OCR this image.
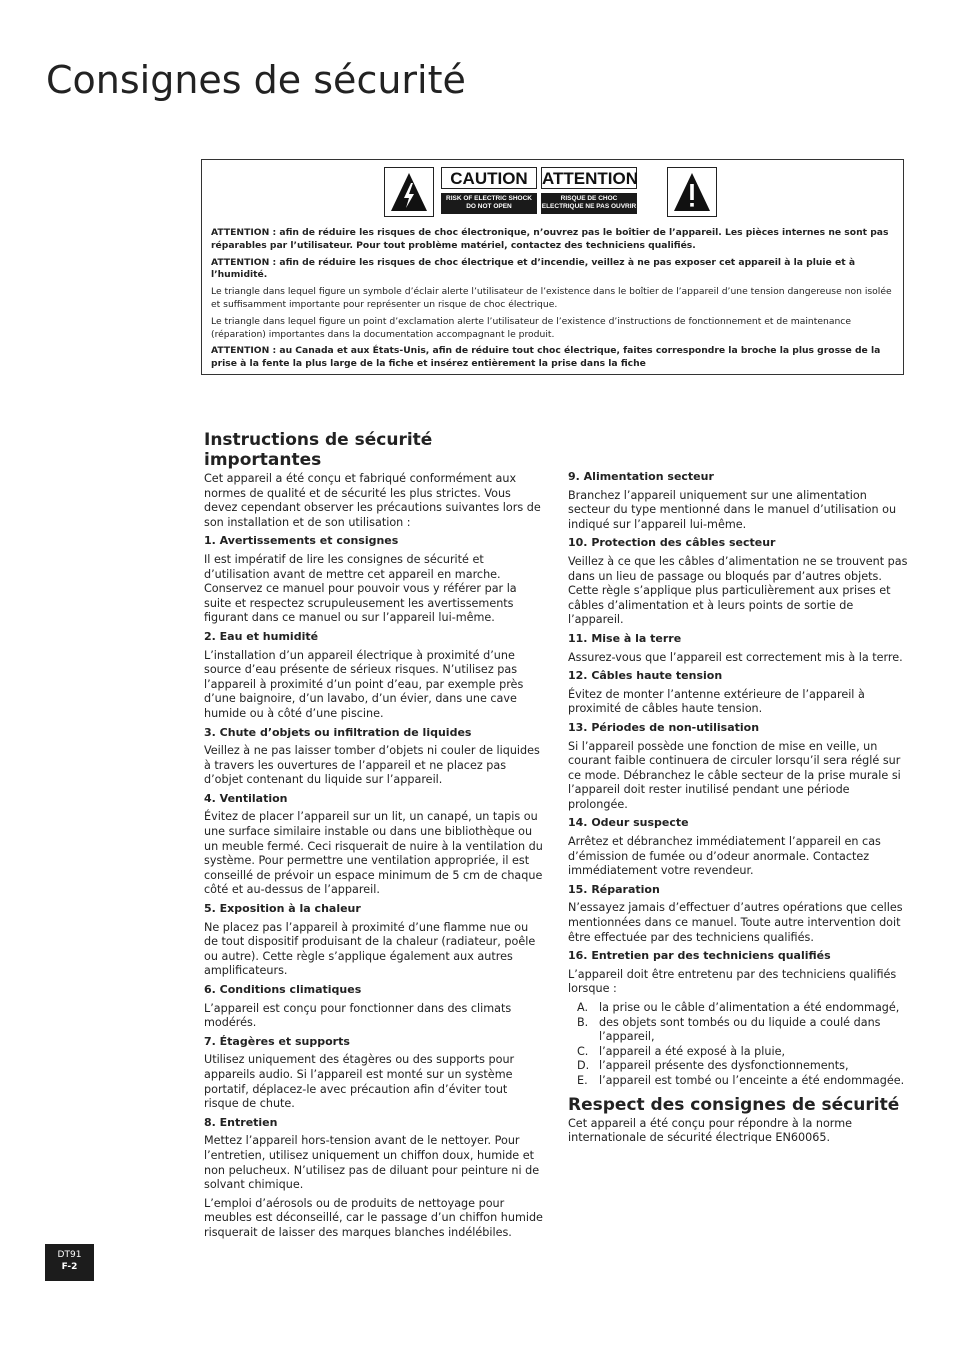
Consignes de sécurité
CAUTION
RISK OF ELECTRIC SHOCK DO NOT OPEN
ATTENTION
RISQUE DE CHOC ELECTRIQUE NE PAS OUVRIR

ATTENTION : afin de réduire les risques de choc électronique, n’ouvrez pas le boîtier de l’appareil. Les pièces internes ne sont pas réparables par l’utilisateur. Pour tout problème matériel, contactez des techniciens qualifiés.

ATTENTION : afin de réduire les risques de choc électrique et d’incendie, veillez à ne pas exposer cet appareil à la pluie et à l’humidité.

Le triangle dans lequel figure un symbole d’éclair alerte l’utilisateur de l’existence dans le boîtier de l’appareil d’une tension dangereuse non isolée et suffisamment importante pour représenter un risque de choc électrique.

Le triangle dans lequel figure un point d’exclamation alerte l’utilisateur de l’existence d’instructions de fonctionnement et de maintenance (réparation) importantes dans la documentation accompagnant le produit.

ATTENTION : au Canada et aux États-Unis, afin de réduire tout choc électrique, faites correspondre la broche la plus grosse de la prise à la fente la plus large de la fiche et insérez entièrement la prise dans la fiche

Instructions de sécurité importantes

Cet appareil a été conçu et fabriqué conformément aux normes de qualité et de sécurité les plus strictes. Vous devez cependant observer les précautions suivantes lors de son installation et de son utilisation :

1. Avertissements et consignes

Il est impératif de lire les consignes de sécurité et d’utilisation avant de mettre cet appareil en marche. Conservez ce manuel pour pouvoir vous y référer par la suite et respectez scrupuleusement les avertissements figurant dans ce manuel ou sur l’appareil lui-même.

2. Eau et humidité

L’installation d’un appareil électrique à proximité d’une source d’eau présente de sérieux risques. N’utilisez pas l’appareil à proximité d’un point d’eau, par exemple près d’une baignoire, d’un lavabo, d’un évier, dans une cave humide ou à côté d’une piscine.

3. Chute d’objets ou infiltration de liquides

Veillez à ne pas laisser tomber d’objets ni couler de liquides à travers les ouvertures de l’appareil et ne placez pas d’objet contenant du liquide sur l’appareil.

4. Ventilation

Évitez de placer l’appareil sur un lit, un canapé, un tapis ou une surface similaire instable ou dans une bibliothèque ou un meuble fermé. Ceci risquerait de nuire à la ventilation du système. Pour permettre une ventilation appropriée, il est conseillé de prévoir un espace minimum de 5 cm de chaque côté et au-dessus de l’appareil.

5. Exposition à la chaleur

Ne placez pas l’appareil à proximité d’une flamme nue ou de tout dispositif produisant de la chaleur (radiateur, poêle ou autre). Cette règle s’applique également aux autres amplificateurs.

6. Conditions climatiques

L’appareil est conçu pour fonctionner dans des climats modérés.

7. Étagères et supports

Utilisez uniquement des étagères ou des supports pour appareils audio. Si l’appareil est monté sur un système portatif, déplacez-le avec précaution afin d’éviter tout risque de chute.

8. Entretien

Mettez l’appareil hors-tension avant de le nettoyer. Pour l’entretien, utilisez uniquement un chiffon doux, humide et non pelucheux. N’utilisez pas de diluant pour peinture ni de solvant chimique.

L’emploi d’aérosols ou de produits de nettoyage pour meubles est déconseillé, car le passage d’un chiffon humide risquerait de laisser des marques blanches indélébiles.

9. Alimentation secteur

Branchez l’appareil uniquement sur une alimentation secteur du type mentionné dans le manuel d’utilisation ou indiqué sur l’appareil lui-même.

10. Protection des câbles secteur

Veillez à ce que les câbles d’alimentation ne se trouvent pas dans un lieu de passage ou bloqués par d’autres objets. Cette règle s’applique plus particulièrement aux prises et câbles d’alimentation et à leurs points de sortie de l’appareil.

11. Mise à la terre

Assurez-vous que l’appareil est correctement mis à la terre.

12. Câbles haute tension

Évitez de monter l’antenne extérieure de l’appareil à proximité de câbles haute tension.

13. Périodes de non-utilisation

Si l’appareil possède une fonction de mise en veille, un courant faible continuera de circuler lorsqu’il sera réglé sur ce mode. Débranchez le câble secteur de la prise murale si l’appareil doit rester inutilisé pendant une période prolongée.

14. Odeur suspecte

Arrêtez et débranchez immédiatement l’appareil en cas d’émission de fumée ou d’odeur anormale. Contactez immédiatement votre revendeur.

15. Réparation

N’essayez jamais d’effectuer d’autres opérations que celles mentionnées dans ce manuel. Toute autre intervention doit être effectuée par des techniciens qualifiés.

16. Entretien par des techniciens qualifiés

L’appareil doit être entretenu par des techniciens qualifiés lorsque :

A. la prise ou le câble d’alimentation a été endommagé,
B. des objets sont tombés ou du liquide a coulé dans l’appareil,
C. l’appareil a été exposé à la pluie,
D. l’appareil présente des dysfonctionnements,
E. l’appareil est tombé ou l’enceinte a été endommagée.
Respect des consignes de sécurité

Cet appareil a été conçu pour répondre à la norme internationale de sécurité électrique EN60065.

DT91
F-2
